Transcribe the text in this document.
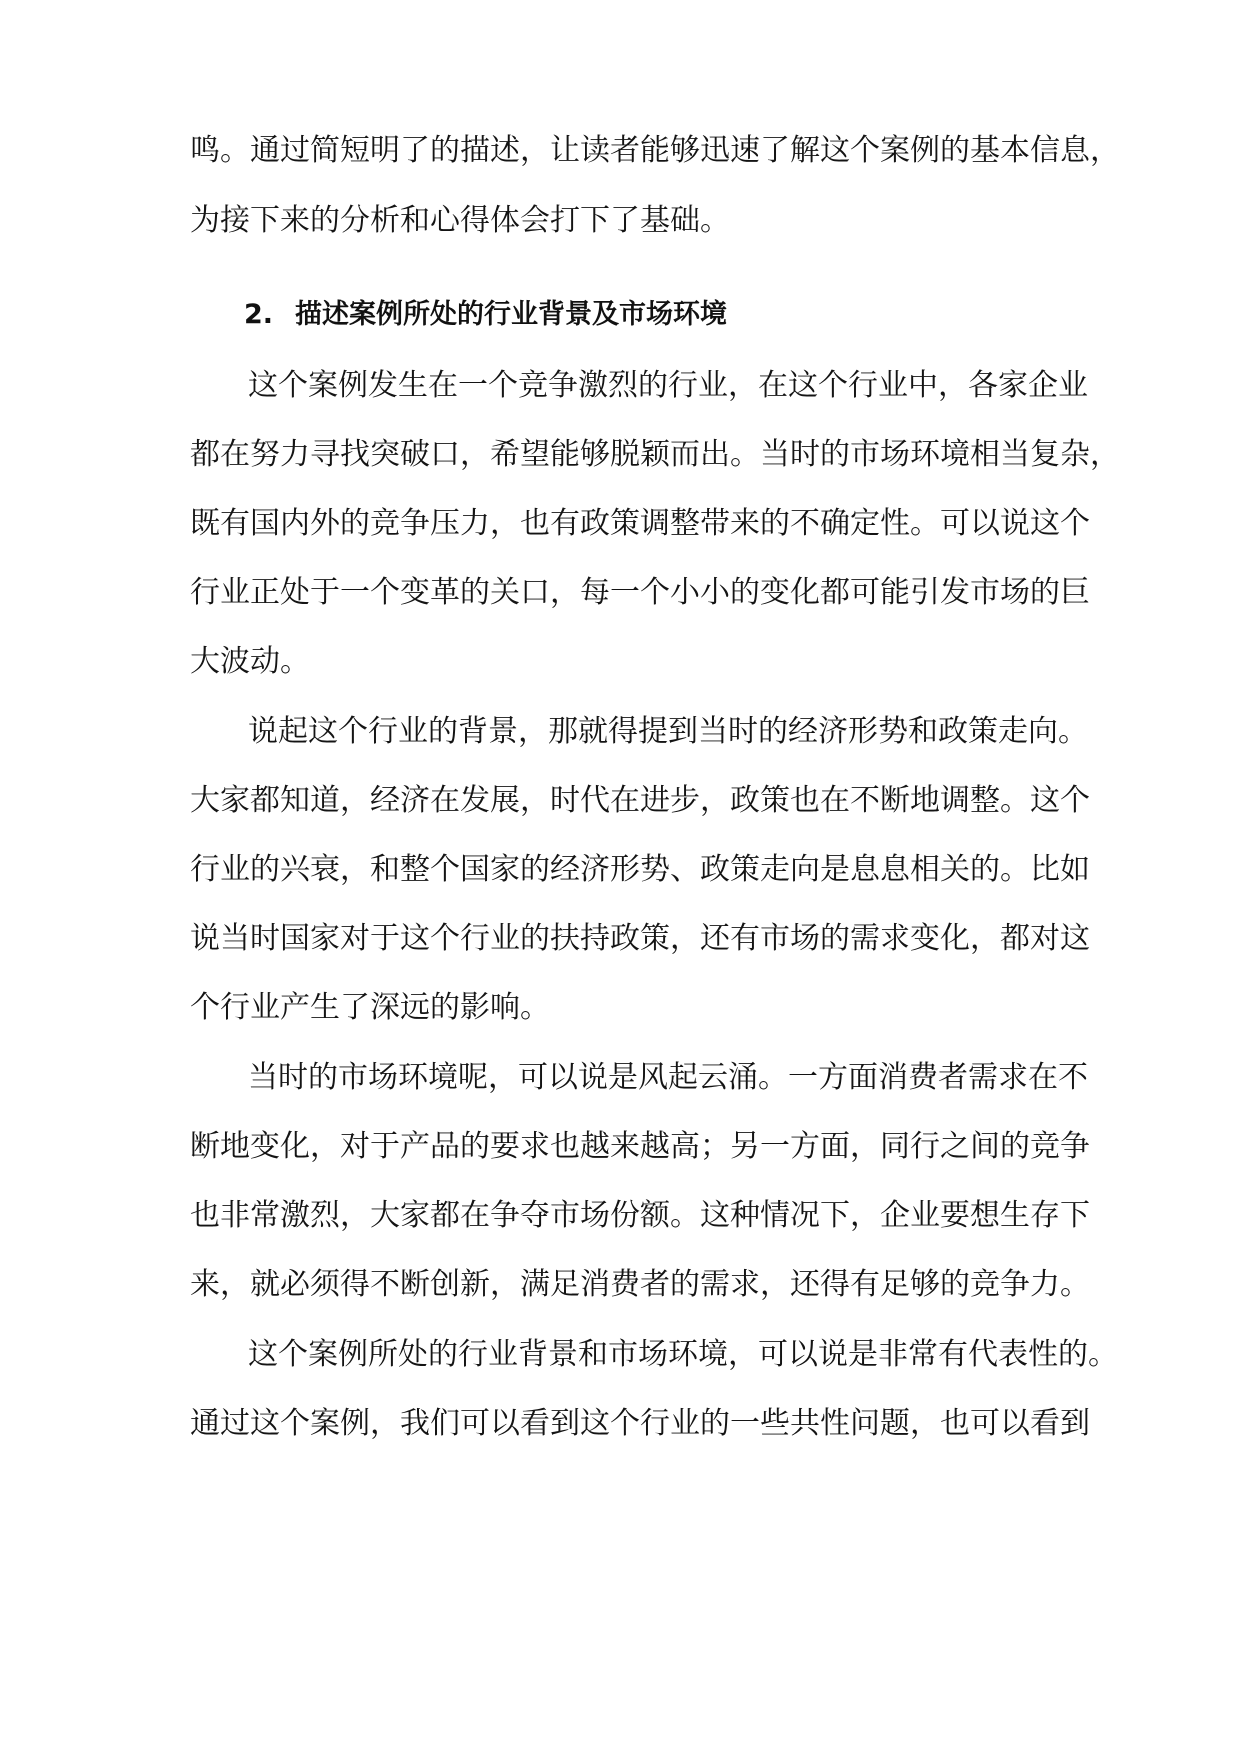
鸣。通过简短明了的描述，让读者能够迅速了解这个案例的基本信息，
为接下来的分析和心得体会打下了基础。
2. 描述案例所处的行业背景及市场环境
这个案例发生在一个竞争激烈的行业，在这个行业中，各家企业
都在努力寻找突破口，希望能够脱颖而出。当时的市场环境相当复杂，
既有国内外的竞争压力，也有政策调整带来的不确定性。可以说这个
行业正处于一个变革的关口，每一个小小的变化都可能引发市场的巨
大波动。
说起这个行业的背景，那就得提到当时的经济形势和政策走向。
大家都知道，经济在发展，时代在进步，政策也在不断地调整。这个
行业的兴衰，和整个国家的经济形势、政策走向是息息相关的。比如
说当时国家对于这个行业的扶持政策，还有市场的需求变化，都对这
个行业产生了深远的影响。
当时的市场环境呢，可以说是风起云涌。一方面消费者需求在不
断地变化，对于产品的要求也越来越高；另一方面，同行之间的竞争
也非常激烈，大家都在争夺市场份额。这种情况下，企业要想生存下
来，就必须得不断创新，满足消费者的需求，还得有足够的竞争力。
这个案例所处的行业背景和市场环境，可以说是非常有代表性的。
通过这个案例，我们可以看到这个行业的一些共性问题，也可以看到
